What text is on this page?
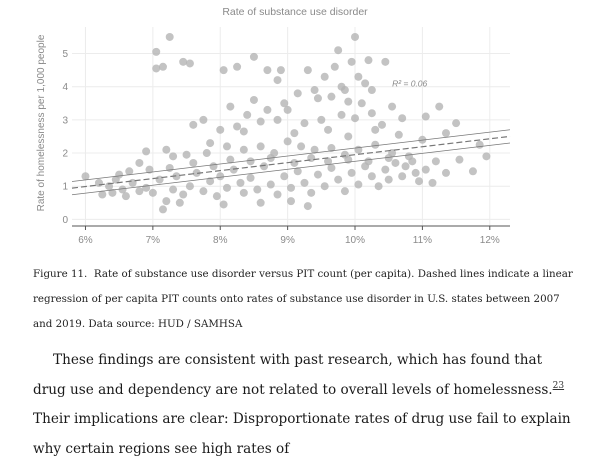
6%	7%	8%	9%	10%	11%	12%
0
1
2
3
4
5
Rate of substance use disorder
Rate of homelessness per 1,000 people	R² = 0.06

Figure 11. Rate of substance use disorder versus PIT count (per capita). Dashed lines indicate a linear regression of per capita PIT counts onto rates of substance use disorder in U.S. states between 2007 and 2019. Data source: HUD / SAMHSA

These findings are consistent with past research, which has found that drug use and dependency are not related to overall levels of homelessness.$^{23}$ Their implications are clear: Disproportionate rates of drug use fail to explain why certain regions see high rates of
